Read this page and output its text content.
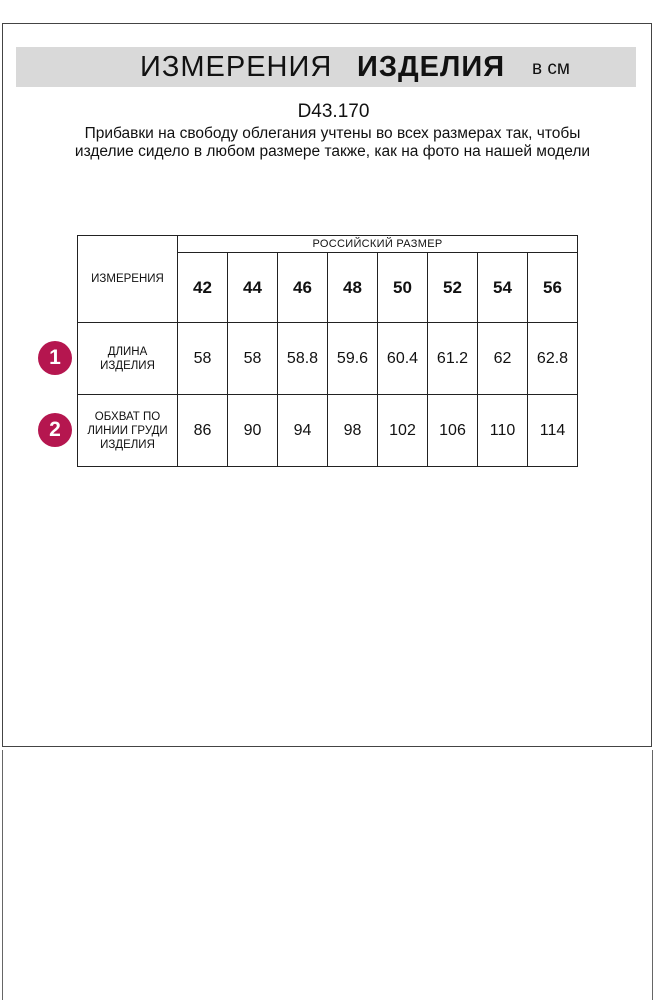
ИЗМЕРЕНИЯ ИЗДЕЛИЯ в см
D43.170
Прибавки на свободу облегания учтены во всех размерах так, чтобы изделие сидело в любом размере также, как на фото на нашей модели
ИЗМЕРЕНИЯ	РОССИЙСКИЙ РАЗМЕР							
	42	44	46	48	50	52	54	56

ДЛИНА ИЗДЕЛИЯ	58	58	58.8	59.6	60.4	61.2	62	62.8

ОБХВАТ ПО ЛИНИИ ГРУДИ ИЗДЕЛИЯ	86	90	94	98	102	106	110	114
1
2
